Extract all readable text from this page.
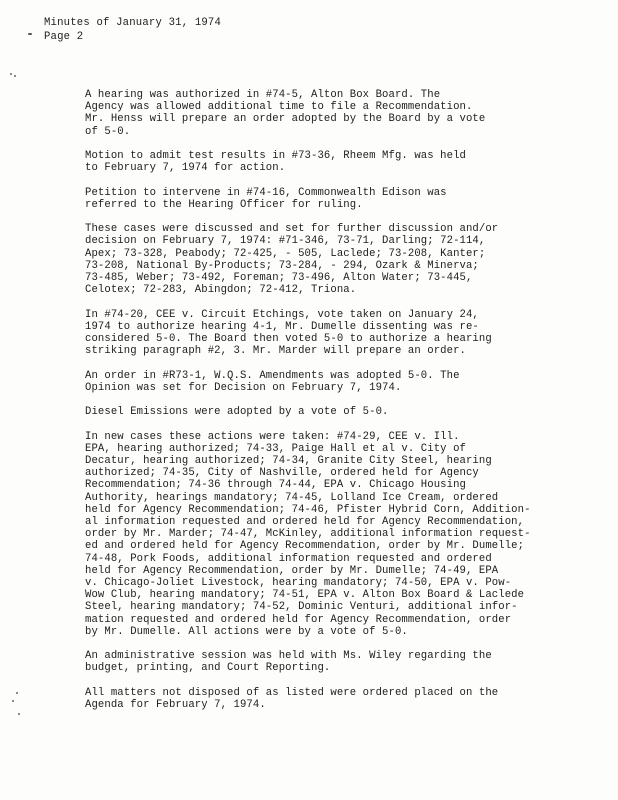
Minutes of January 31, 1974
Page 2
A hearing was authorized in #74-5, Alton Box Board. The
Agency was allowed additional time to file a Recommendation.
Mr. Henss will prepare an order adopted by the Board by a vote
of 5-0.
Motion to admit test results in #73-36, Rheem Mfg. was held
to February 7, 1974 for action.
Petition to intervene in #74-16, Commonwealth Edison was
referred to the Hearing Officer for ruling.
These cases were discussed and set for further discussion and/or
decision on February 7, 1974: #71-346, 73-71, Darling; 72-114,
Apex; 73-328, Peabody; 72-425, - 505, Laclede; 73-208, Kanter;
73-208, National By-Products; 73-284, - 294, Ozark & Minerva;
73-485, Weber; 73-492, Foreman; 73-496, Alton Water; 73-445,
Celotex; 72-283, Abingdon; 72-412, Triona.
In #74-20, CEE v. Circuit Etchings, vote taken on January 24,
1974 to authorize hearing 4-1, Mr. Dumelle dissenting was re-
considered 5-0. The Board then voted 5-0 to authorize a hearing
striking paragraph #2, 3. Mr. Marder will prepare an order.
An order in #R73-1, W.Q.S. Amendments was adopted 5-0. The
Opinion was set for Decision on February 7, 1974.
Diesel Emissions were adopted by a vote of 5-0.
In new cases these actions were taken: #74-29, CEE v. Ill.
EPA, hearing authorized; 74-33, Paige Hall et al v. City of
Decatur, hearing authorized; 74-34, Granite City Steel, hearing
authorized; 74-35, City of Nashville, ordered held for Agency
Recommendation; 74-36 through 74-44, EPA v. Chicago Housing
Authority, hearings mandatory; 74-45, Lolland Ice Cream, ordered
held for Agency Recommendation; 74-46, Pfister Hybrid Corn, Addition-
al information requested and ordered held for Agency Recommendation,
order by Mr. Marder; 74-47, McKinley, additional information request-
ed and ordered held for Agency Recommendation, order by Mr. Dumelle;
74-48, Pork Foods, additional information requested and ordered
held for Agency Recommendation, order by Mr. Dumelle; 74-49, EPA
v. Chicago-Joliet Livestock, hearing mandatory; 74-50, EPA v. Pow-
Wow Club, hearing mandatory; 74-51, EPA v. Alton Box Board & Laclede
Steel, hearing mandatory; 74-52, Dominic Venturi, additional infor-
mation requested and ordered held for Agency Recommendation, order
by Mr. Dumelle. All actions were by a vote of 5-0.
An administrative session was held with Ms. Wiley regarding the
budget, printing, and Court Reporting.
All matters not disposed of as listed were ordered placed on the
Agenda for February 7, 1974.
